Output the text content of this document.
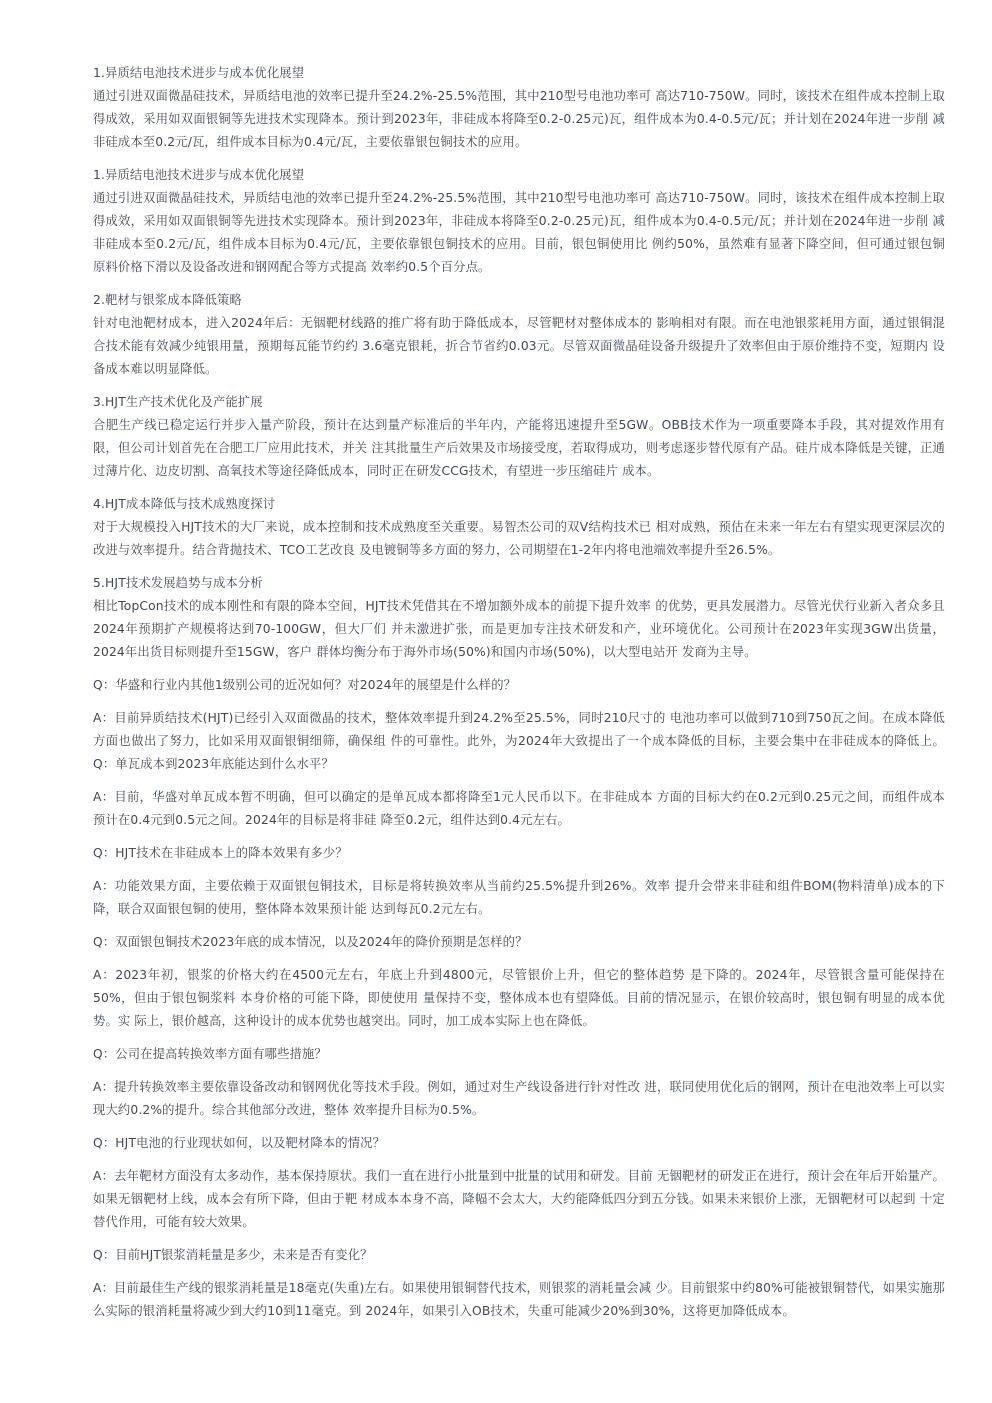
1.异质结电池技术进步与成本优化展望
通过引进双面微晶硅技术，异质结电池的效率已提升至24.2%-25.5%范围，其中210型号电池功率可 高达710-750W。同时，该技术在组件成本控制上取得成效，采用如双面银铜等先进技术实现降本。预计到2023年，非硅成本将降至0.2-0.25元)瓦，组件成本为0.4-0.5元/瓦；并计划在2024年进一步削 减非硅成本至0.2元/瓦，组件成本目标为0.4元/瓦，主要依靠银包铜技术的应用。
1.异质结电池技术进步与成本优化展望
通过引进双面微晶硅技术，异质结电池的效率已提升至24.2%-25.5%范围，其中210型号电池功率可 高达710-750W。同时，该技术在组件成本控制上取得成效，采用如双面银铜等先进技术实现降本。预计到2023年，非硅成本将降至0.2-0.25元)瓦，组件成本为0.4-0.5元/瓦；并计划在2024年进一步削 减非硅成本至0.2元/瓦，组件成本目标为0.4元/瓦，主要依靠银包铜技术的应用。目前，银包铜使用比 例约50%，虽然难有显著下降空间，但可通过银包铜原料价格下滑以及设备改进和钢网配合等方式提高 效率约0.5个百分点。
2.靶材与银浆成本降低策略
针对电池靶材成本，进入2024年后：无铟靶材线路的推广将有助于降低成本，尽管靶材对整体成本的 影响相对有限。而在电池银浆耗用方面，通过银铜混合技术能有效减少纯银用量，预期每瓦能节约约 3.6毫克银耗，折合节省约0.03元。尽管双面微晶硅设备升级提升了效率但由于原价维持不变，短期内 设备成本难以明显降低。
3.HJT生产技术优化及产能扩展
合肥生产线已稳定运行并步入量产阶段，预计在达到量产标准后的半年内，产能将迅速提升至5GW。OBB技术作为一项重要降本手段，其对提效作用有限，但公司计划首先在合肥工厂应用此技术，并关 注其批量生产后效果及市场接受度，若取得成功，则考虑逐步替代原有产品。硅片成本降低是关键，正通过薄片化、边皮切割、高氧技术等途径降低成本，同时正在研发CCG技术，有望进一步压缩硅片 成本。
4.HJT成本降低与技术成熟度探讨
对于大规模投入HJT技术的大厂来说，成本控制和技术成熟度至关重要。易智杰公司的双V结构技术已 相对成熟，预估在未来一年左右有望实现更深层次的改进与效率提升。结合背抛技术、TCO工艺改良 及电镀铜等多方面的努力，公司期望在1-2年内将电池端效率提升至26.5%。
5.HJT技术发展趋势与成本分析
相比TopCon技术的成本刚性和有限的降本空间，HJT技术凭借其在不增加额外成本的前提下提升效率 的优势，更具发展潜力。尽管光伏行业新入者众多且2024年预期扩产规模将达到70-100GW，但大厂们 并未激进扩张，而是更加专注技术研发和产，业环境优化。公司预计在2023年实现3GW出货量，2024年出货目标则提升至15GW，客户 群体均衡分布于海外市场(50%)和国内市场(50%)，以大型电站开 发商为主导。
Q：华盛和行业内其他1级别公司的近况如何？对2024年的展望是什么样的？
A：目前异质结技术(HJT)已经引入双面微晶的技术，整体效率提升到24.2%至25.5%，同时210尺寸的 电池功率可以做到710到750瓦之间。在成本降低方面也做出了努力，比如采用双面银铜细筛，确保组 件的可靠性。此外，为2024年大致提出了一个成本降低的目标，主要会集中在非硅成本的降低上。Q：单瓦成本到2023年底能达到什么水平？
A：目前，华盛对单瓦成本暂不明确，但可以确定的是单瓦成本都将降至1元人民币以下。在非硅成本 方面的目标大约在0.2元到0.25元之间，而组件成本预计在0.4元到0.5元之间。2024年的目标是将非硅 降至0.2元，组件达到0.4元左右。
Q：HJT技术在非硅成本上的降本效果有多少？
A：功能效果方面，主要依赖于双面银包铜技术，目标是将转换效率从当前约25.5%提升到26%。效率 提升会带来非硅和组件BOM(物料清单)成本的下降，联合双面银包铜的使用，整体降本效果预计能 达到每瓦0.2元左右。
Q：双面银包铜技术2023年底的成本情况，以及2024年的降价预期是怎样的？
A：2023年初，银浆的价格大约在4500元左右，年底上升到4800元，尽管银价上升，但它的整体趋势 是下降的。2024年，尽管银含量可能保持在50%，但由于银包铜浆料 本身价格的可能下降，即使使用 量保持不变，整体成本也有望降低。目前的情况显示，在银价较高时，银包铜有明显的成本优势。实 际上，银价越高，这种设计的成本优势也越突出。同时，加工成本实际上也在降低。
Q：公司在提高转换效率方面有哪些措施？
A：提升转换效率主要依靠设备改动和钢网优化等技术手段。例如，通过对生产线设备进行针对性改 进，联同使用优化后的钢网，预计在电池效率上可以实现大约0.2%的提升。综合其他部分改进，整体 效率提升目标为0.5%。
Q：HJT电池的行业现状如何，以及靶材降本的情况？
A：去年靶材方面没有太多动作，基本保持原状。我们一直在进行小批量到中批量的试用和研发。目前 无铟靶材的研发正在进行，预计会在年后开始量产。如果无铟靶材上线，成本会有所下降，但由于靶 材成本本身不高，降幅不会太大，大约能降低四分到五分钱。如果未来银价上涨，无铟靶材可以起到 十定替代作用，可能有较大效果。
Q：目前HJT银浆消耗量是多少，未来是否有变化？
A：目前最佳生产线的银浆消耗量是18毫克(失重)左右。如果使用银铜替代技术，则银浆的消耗量会减 少。目前银浆中约80%可能被银铜替代，如果实施那么实际的银消耗量将减少到大约10到11毫克。到 2024年，如果引入OB技术，失重可能减少20%到30%，这将更加降低成本。
